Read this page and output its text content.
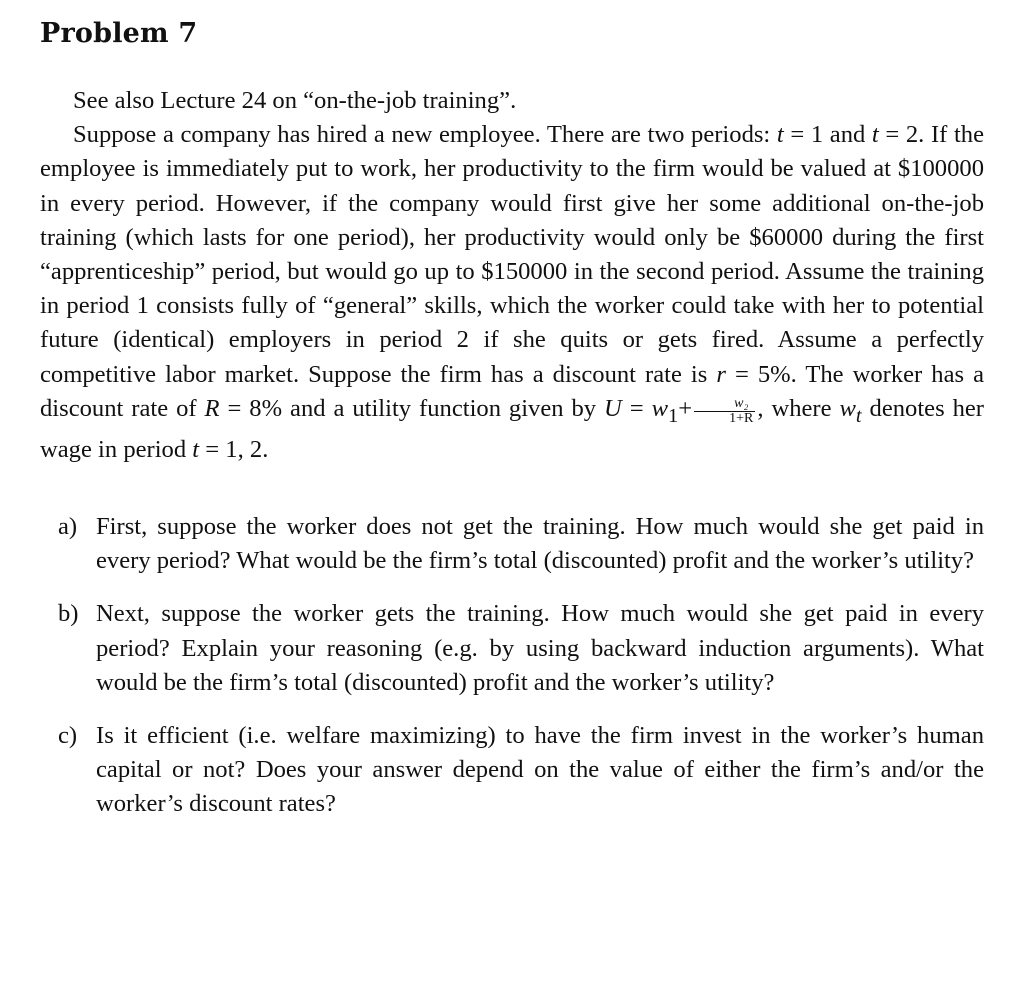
Problem 7

See also Lecture 24 on “on-the-job training”.

Suppose a company has hired a new employee. There are two periods: t = 1 and t = 2. If the employee is immediately put to work, her productivity to the firm would be valued at $100000 in every period. However, if the company would first give her some additional on-the-job training (which lasts for one period), her productivity would only be $60000 during the first “apprenticeship” period, but would go up to $150000 in the second period. Assume the training in period 1 consists fully of “general” skills, which the worker could take with her to potential future (identical) employers in period 2 if she quits or gets fired. Assume a perfectly competitive labor market. Suppose the firm has a discount rate is r = 5%. The worker has a discount rate of R = 8% and a utility function given by $U = w_1+ \frac{\text{w₂}}{1+R}$ , where $w_t$ denotes her wage in period t = 1, 2.

a) First, suppose the worker does not get the training. How much would she get paid in every period? What would be the firm’s total (discounted) profit and the worker’s utility?
b) Next, suppose the worker gets the training. How much would she get paid in every period? Explain your reasoning (e.g. by using backward induction arguments). What would be the firm’s total (discounted) profit and the worker’s utility?
c) Is it efficient (i.e. welfare maximizing) to have the firm invest in the worker’s human capital or not? Does your answer depend on the value of either the firm’s and/or the worker’s discount rates?
